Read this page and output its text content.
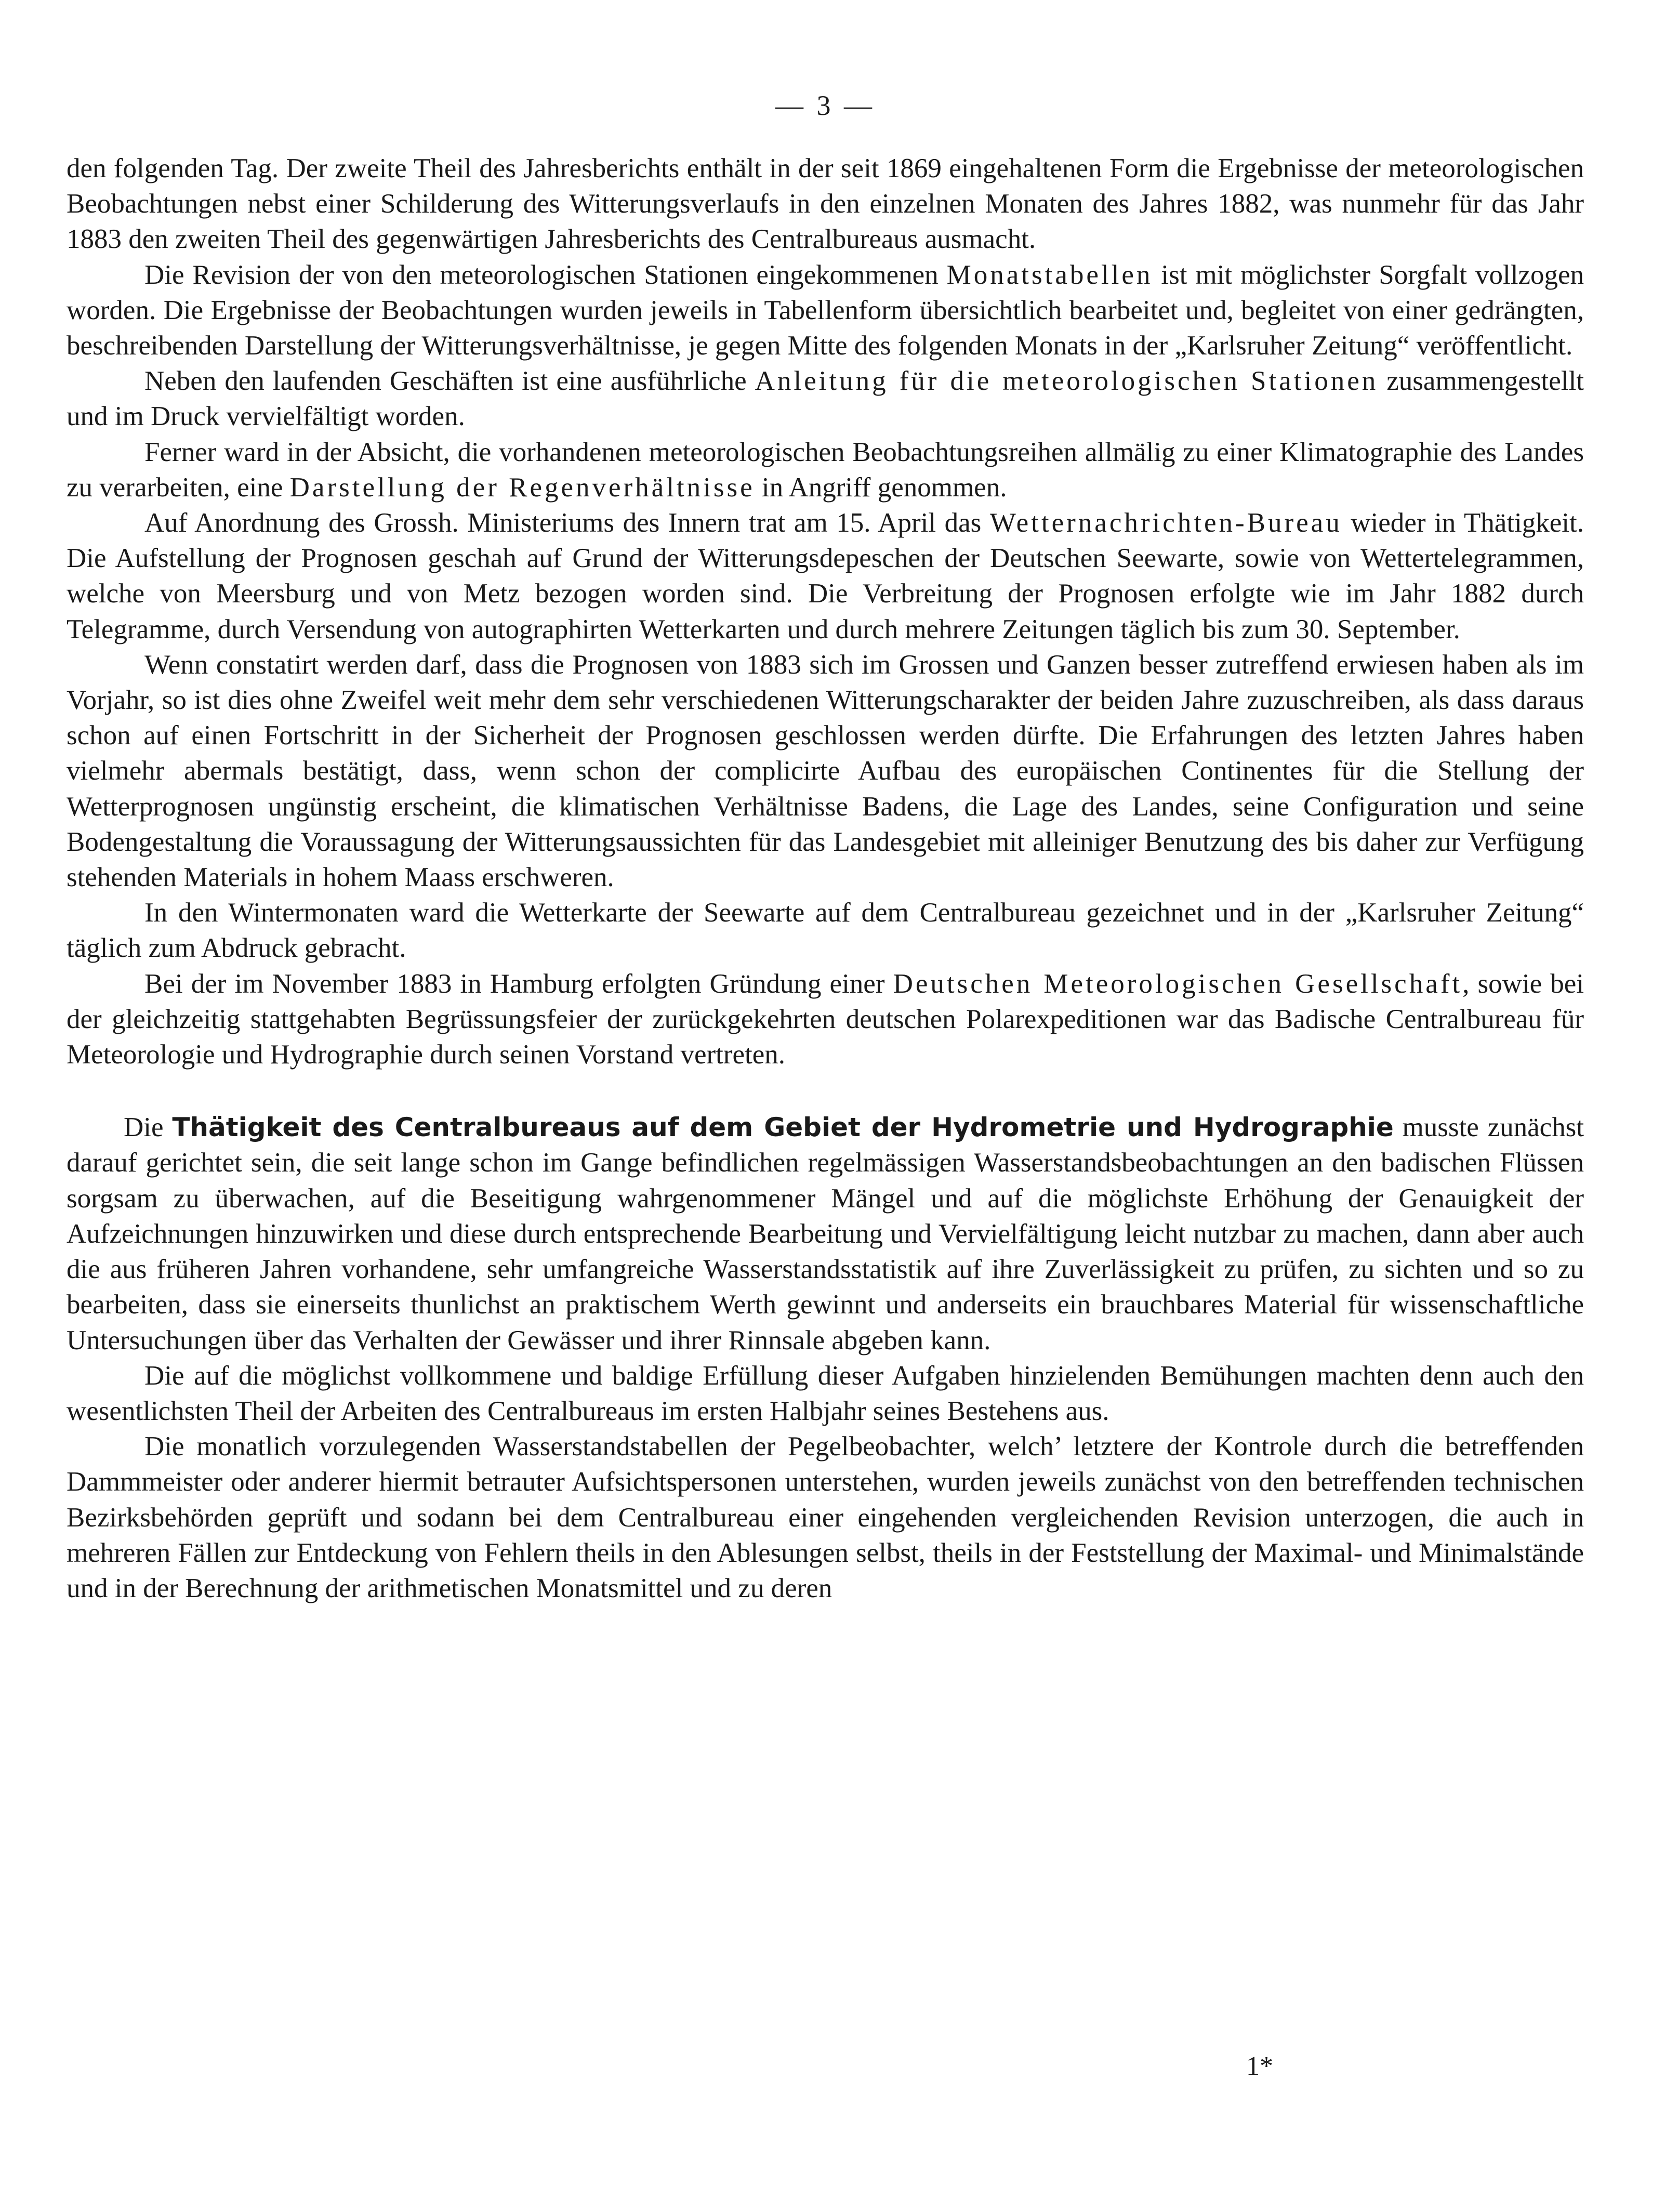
— 3 —

den folgenden Tag. Der zweite Theil des Jahresberichts enthält in der seit 1869 eingehaltenen Form die Ergebnisse der meteorologischen Beobachtungen nebst einer Schilderung des Witterungsverlaufs in den einzelnen Monaten des Jahres 1882, was nunmehr für das Jahr 1883 den zweiten Theil des gegenwärtigen Jahresberichts des Centralbureaus ausmacht.

Die Revision der von den meteorologischen Stationen eingekommenen Monatstabellen ist mit möglichster Sorgfalt vollzogen worden. Die Ergebnisse der Beobachtungen wurden jeweils in Tabellenform übersichtlich bearbeitet und, begleitet von einer gedrängten, beschreibenden Darstellung der Witterungsverhältnisse, je gegen Mitte des folgenden Monats in der „Karlsruher Zeitung“ veröffentlicht.

Neben den laufenden Geschäften ist eine ausführliche Anleitung für die meteorologischen Stationen zusammengestellt und im Druck vervielfältigt worden.

Ferner ward in der Absicht, die vorhandenen meteorologischen Beobachtungsreihen allmälig zu einer Klimatographie des Landes zu verarbeiten, eine Darstellung der Regenverhältnisse in Angriff genommen.

Auf Anordnung des Grossh. Ministeriums des Innern trat am 15. April das Wetternachrichten-Bureau wieder in Thätigkeit. Die Aufstellung der Prognosen geschah auf Grund der Witterungsdepeschen der Deutschen Seewarte, sowie von Wettertelegrammen, welche von Meersburg und von Metz bezogen worden sind. Die Verbreitung der Prognosen erfolgte wie im Jahr 1882 durch Telegramme, durch Versendung von autographirten Wetterkarten und durch mehrere Zeitungen täglich bis zum 30. September.

Wenn constatirt werden darf, dass die Prognosen von 1883 sich im Grossen und Ganzen besser zutreffend erwiesen haben als im Vorjahr, so ist dies ohne Zweifel weit mehr dem sehr verschiedenen Witterungscharakter der beiden Jahre zuzuschreiben, als dass daraus schon auf einen Fortschritt in der Sicherheit der Prognosen geschlossen werden dürfte. Die Erfahrungen des letzten Jahres haben vielmehr abermals bestätigt, dass, wenn schon der complicirte Aufbau des europäischen Continentes für die Stellung der Wetterprognosen ungünstig erscheint, die klimatischen Verhältnisse Badens, die Lage des Landes, seine Configuration und seine Bodengestaltung die Voraussagung der Witterungsaussichten für das Landesgebiet mit alleiniger Benutzung des bis daher zur Verfügung stehenden Materials in hohem Maass erschweren.

In den Wintermonaten ward die Wetterkarte der Seewarte auf dem Centralbureau gezeichnet und in der „Karlsruher Zeitung“ täglich zum Abdruck gebracht.

Bei der im November 1883 in Hamburg erfolgten Gründung einer Deutschen Meteorologischen Gesellschaft, sowie bei der gleichzeitig stattgehabten Begrüssungsfeier der zurückgekehrten deutschen Polarexpeditionen war das Badische Centralbureau für Meteorologie und Hydrographie durch seinen Vorstand vertreten.

Die Thätigkeit des Centralbureaus auf dem Gebiet der Hydrometrie und Hydrographie musste zunächst darauf gerichtet sein, die seit lange schon im Gange befindlichen regelmässigen Wasserstandsbeobachtungen an den badischen Flüssen sorgsam zu überwachen, auf die Beseitigung wahrgenommener Mängel und auf die möglichste Erhöhung der Genauigkeit der Aufzeichnungen hinzuwirken und diese durch entsprechende Bearbeitung und Vervielfältigung leicht nutzbar zu machen, dann aber auch die aus früheren Jahren vorhandene, sehr umfangreiche Wasserstandsstatistik auf ihre Zuverlässigkeit zu prüfen, zu sichten und so zu bearbeiten, dass sie einerseits thunlichst an praktischem Werth gewinnt und anderseits ein brauchbares Material für wissenschaftliche Untersuchungen über das Verhalten der Gewässer und ihrer Rinnsale abgeben kann.

Die auf die möglichst vollkommene und baldige Erfüllung dieser Aufgaben hinzielenden Bemühungen machten denn auch den wesentlichsten Theil der Arbeiten des Centralbureaus im ersten Halbjahr seines Bestehens aus.

Die monatlich vorzulegenden Wasserstandstabellen der Pegelbeobachter, welch’ letztere der Kontrole durch die betreffenden Dammmeister oder anderer hiermit betrauter Aufsichtspersonen unterstehen, wurden jeweils zunächst von den betreffenden technischen Bezirksbehörden geprüft und sodann bei dem Centralbureau einer eingehenden vergleichenden Revision unterzogen, die auch in mehreren Fällen zur Entdeckung von Fehlern theils in den Ablesungen selbst, theils in der Feststellung der Maximal- und Minimalstände und in der Berechnung der arithmetischen Monatsmittel und zu deren

1*
